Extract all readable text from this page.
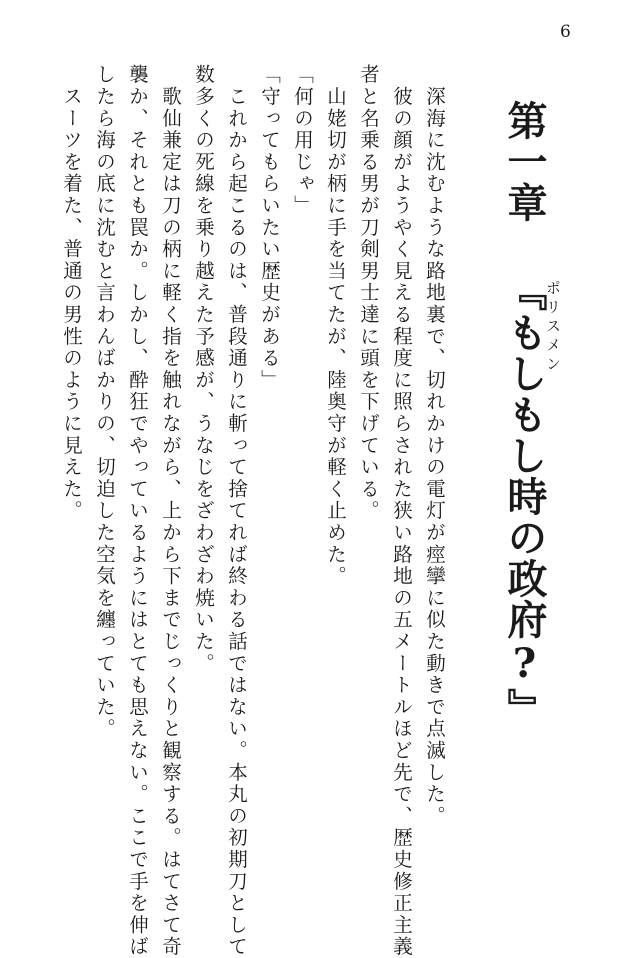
6
第一章 『もしもし時の政府?』
ポリスメン
　深海に沈むような路地裏で、切れかけの電灯が痙攣に似た動きで点滅した。
　彼の顔がようやく見える程度に照らされた狭い路地の五メートルほど先で、歴史修正主義
者と名乗る男が刀剣男士達に頭を下げている。
　山姥切が柄に手を当てたが、陸奥守が軽く止めた。
「何の用じゃ」
「守ってもらいたい歴史がある」
　これから起こるのは、普段通りに斬って捨てれば終わる話ではない。本丸の初期刀として
数多くの死線を乗り越えた予感が、うなじをざわざわ焼いた。
　歌仙兼定は刀の柄に軽く指を触れながら、上から下までじっくりと観察する。はてさて奇
襲か、それとも罠か。しかし、酔狂でやっているようにはとても思えない。ここで手を伸ば
したら海の底に沈むと言わんばかりの、切迫した空気を纏っていた。
　スーツを着た、普通の男性のように見えた。
